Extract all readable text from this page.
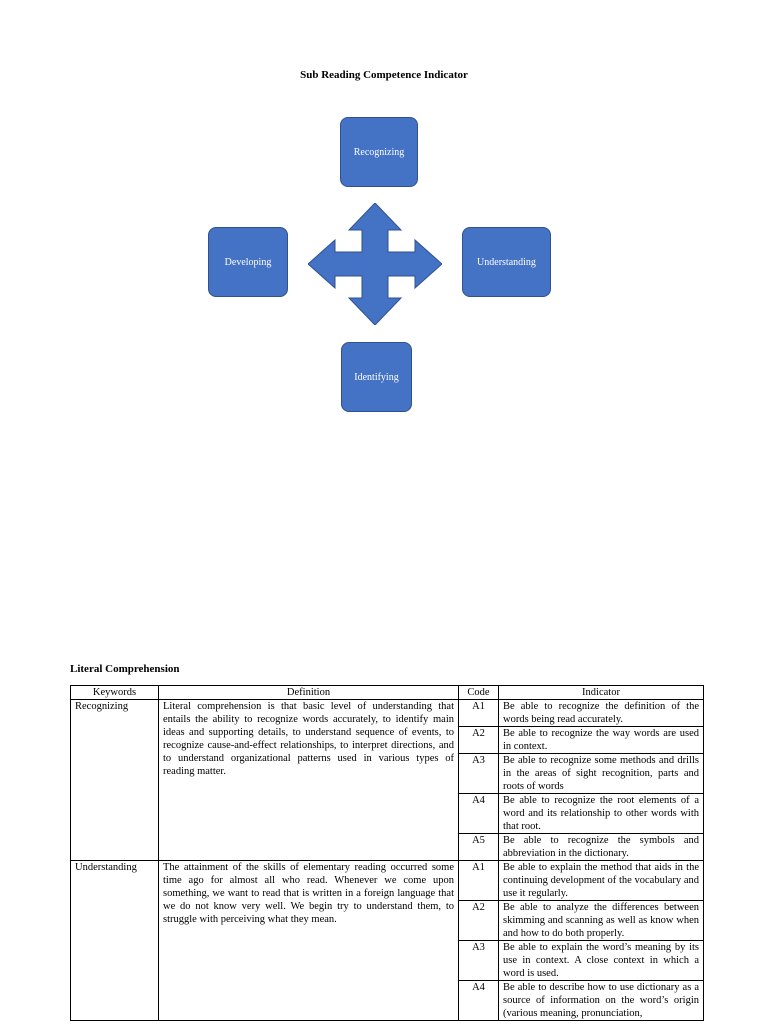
Sub Reading Competence Indicator
Recognizing
Developing	Understanding
Identifying
Literal Comprehension
Keywords	Definition	Code	Indicator
Recognizing	Literal comprehension is that basic level of understanding that entails the ability to recognize words accurately, to identify main ideas and supporting details, to understand sequence of events, to recognize cause-and-effect relationships, to interpret directions, and to understand organizational patterns used in various types of reading matter.	A1	Be able to recognize the definition of the words being read accurately.
		A2	Be able to recognize the way words are used in context.
		A3	Be able to recognize some methods and drills in the areas of sight recognition, parts and roots of words
		A4	Be able to recognize the root elements of a word and its relationship to other words with that root.
		A5	Be able to recognize the symbols and abbreviation in the dictionary.
Understanding	The attainment of the skills of elementary reading occurred some time ago for almost all who read. Whenever we come upon something, we want to read that is written in a foreign language that we do not know very well. We begin try to understand them, to struggle with perceiving what they mean.	A1	Be able to explain the method that aids in the continuing development of the vocabulary and use it regularly.
		A2	Be able to analyze the differences between skimming and scanning as well as know when and how to do both properly.
		A3	Be able to explain the word’s meaning by its use in context. A close context in which a word is used.
		A4	Be able to describe how to use dictionary as a source of information on the word’s origin (various meaning, pronunciation,
